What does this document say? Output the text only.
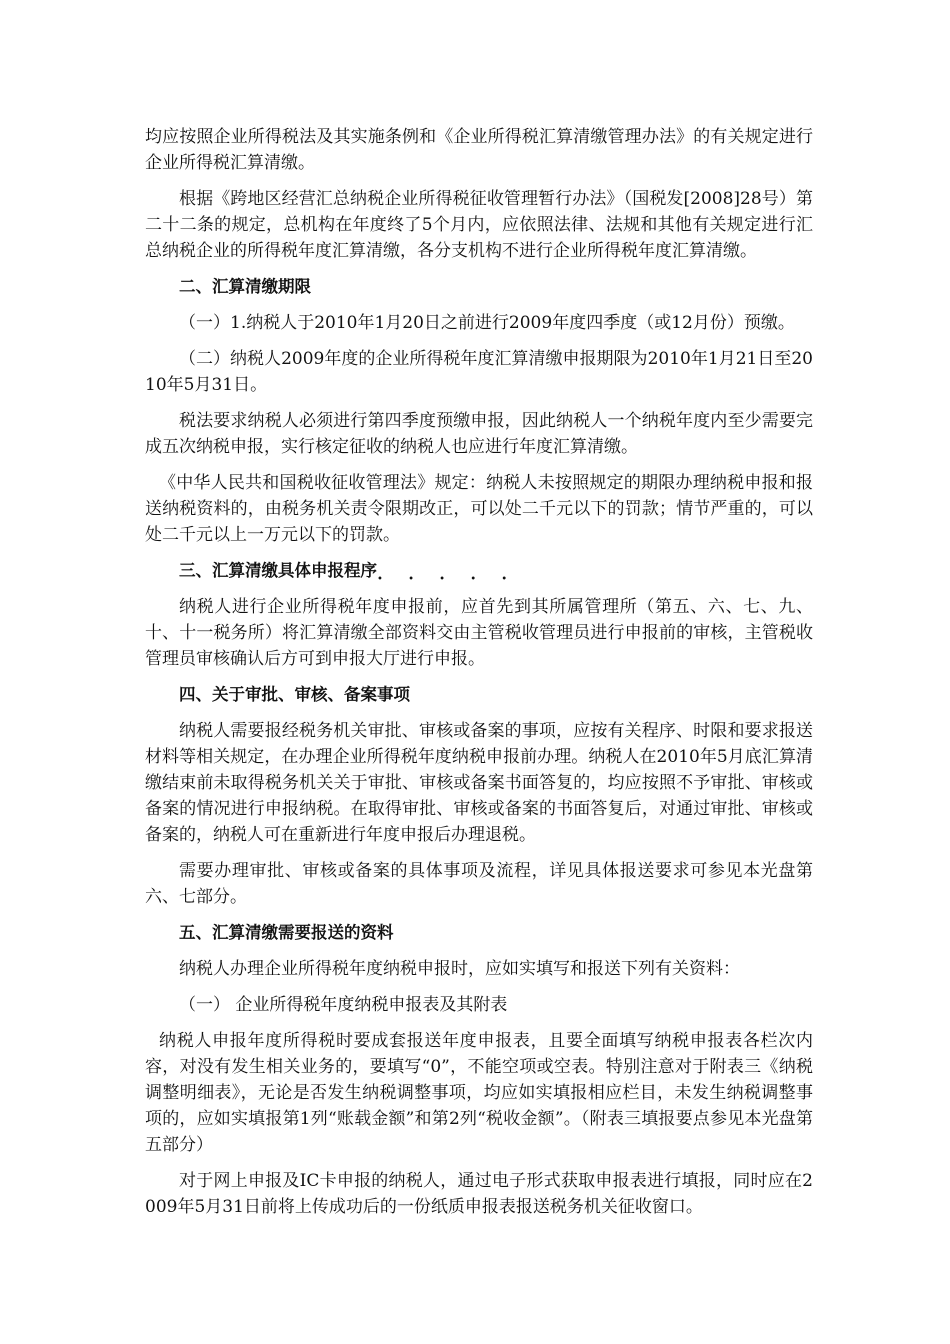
均应按照企业所得税法及其实施条例和《企业所得税汇算清缴管理办法》的有关规定进行企业所得税汇算清缴。

根据《跨地区经营汇总纳税企业所得税征收管理暂行办法》（国税发[2008]28号）第二十二条的规定，总机构在年度终了5个月内，应依照法律、法规和其他有关规定进行汇总纳税企业的所得税年度汇算清缴，各分支机构不进行企业所得税年度汇算清缴。

二、汇算清缴期限

（一）1.纳税人于2010年1月20日之前进行2009年度四季度（或12月份）预缴。

（二）纳税人2009年度的企业所得税年度汇算清缴申报期限为2010年1月21日至2010年5月31日。

税法要求纳税人必须进行第四季度预缴申报，因此纳税人一个纳税年度内至少需要完成五次纳税申报，实行核定征收的纳税人也应进行年度汇算清缴。

《中华人民共和国税收征收管理法》规定：纳税人未按照规定的期限办理纳税申报和报送纳税资料的，由税务机关责令限期改正，可以处二千元以下的罚款；情节严重的，可以处二千元以上一万元以下的罚款。

三、汇算清缴具体申报程序 • • • • •

纳税人进行企业所得税年度申报前，应首先到其所属管理所（第五、六、七、九、十、十一税务所）将汇算清缴全部资料交由主管税收管理员进行申报前的审核，主管税收管理员审核确认后方可到申报大厅进行申报。

四、关于审批、审核、备案事项

纳税人需要报经税务机关审批、审核或备案的事项，应按有关程序、时限和要求报送材料等相关规定，在办理企业所得税年度纳税申报前办理。纳税人在2010年5月底汇算清缴结束前未取得税务机关关于审批、审核或备案书面答复的，均应按照不予审批、审核或备案的情况进行申报纳税。在取得审批、审核或备案的书面答复后，对通过审批、审核或备案的，纳税人可在重新进行年度申报后办理退税。

需要办理审批、审核或备案的具体事项及流程，详见具体报送要求可参见本光盘第六、七部分。

五、汇算清缴需要报送的资料

纳税人办理企业所得税年度纳税申报时，应如实填写和报送下列有关资料：

（一） 企业所得税年度纳税申报表及其附表

纳税人申报年度所得税时要成套报送年度申报表，且要全面填写纳税申报表各栏次内容，对没有发生相关业务的，要填写“0”，不能空项或空表。特别注意对于附表三《纳税调整明细表》，无论是否发生纳税调整事项，均应如实填报相应栏目，未发生纳税调整事项的，应如实填报第1列“账载金额”和第2列“税收金额”。（附表三填报要点参见本光盘第五部分）

对于网上申报及IC卡申报的纳税人，通过电子形式获取申报表进行填报，同时应在2009年5月31日前将上传成功后的一份纸质申报表报送税务机关征收窗口。
